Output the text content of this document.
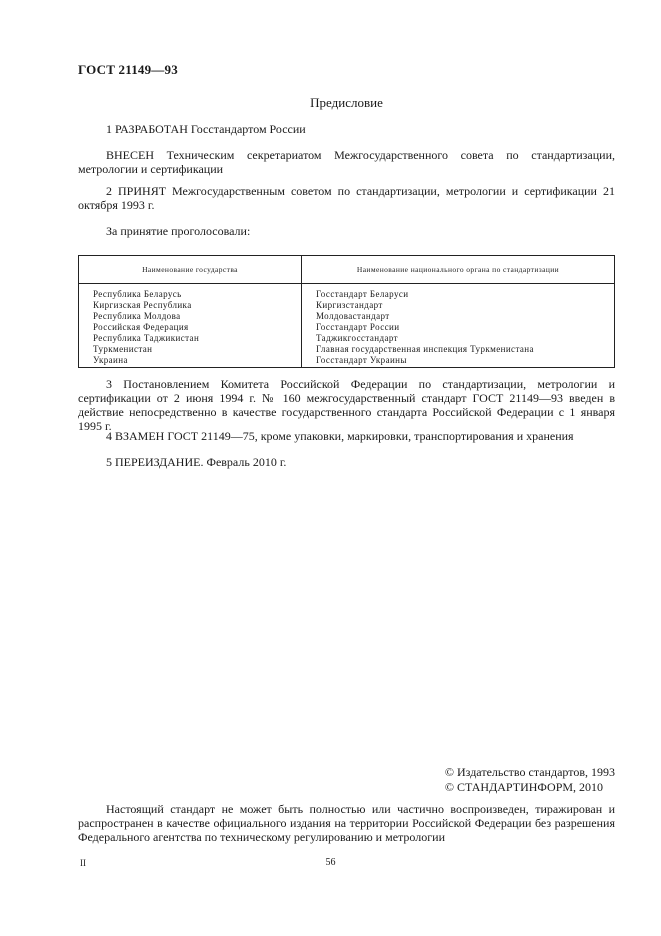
ГОСТ 21149—93
Предисловие
1 РАЗРАБОТАН Госстандартом России
ВНЕСЕН Техническим секретариатом Межгосударственного совета по стандартизации, метрологии и сертификации
2 ПРИНЯТ Межгосударственным советом по стандартизации, метрологии и сертификации 21 октября 1993 г.
За принятие проголосовали:
Наименование государства	Наименование национального органа по стандартизации
Республика Беларусь	Госстандарт Беларуси
Киргизская Республика	Киргизстандарт
Республика Молдова	Молдовастандарт
Российская Федерация	Госстандарт России
Республика Таджикистан	Таджикгосстандарт
Туркменистан	Главная государственная инспекция Туркменистана
Украина	Госстандарт Украины
3 Постановлением Комитета Российской Федерации по стандартизации, метрологии и сертификации от 2 июня 1994 г. № 160 межгосударственный стандарт ГОСТ 21149—93 введен в действие непосредственно в качестве государственного стандарта Российской Федерации с 1 января 1995 г.
4 ВЗАМЕН ГОСТ 21149—75, кроме упаковки, маркировки, транспортирования и хранения
5 ПЕРЕИЗДАНИЕ. Февраль 2010 г.
© Издательство стандартов, 1993
© СТАНДАРТИНФОРМ, 2010
Настоящий стандарт не может быть полностью или частично воспроизведен, тиражирован и распространен в качестве официального издания на территории Российской Федерации без разрешения Федерального агентства по техническому регулированию и метрологии
II	56
